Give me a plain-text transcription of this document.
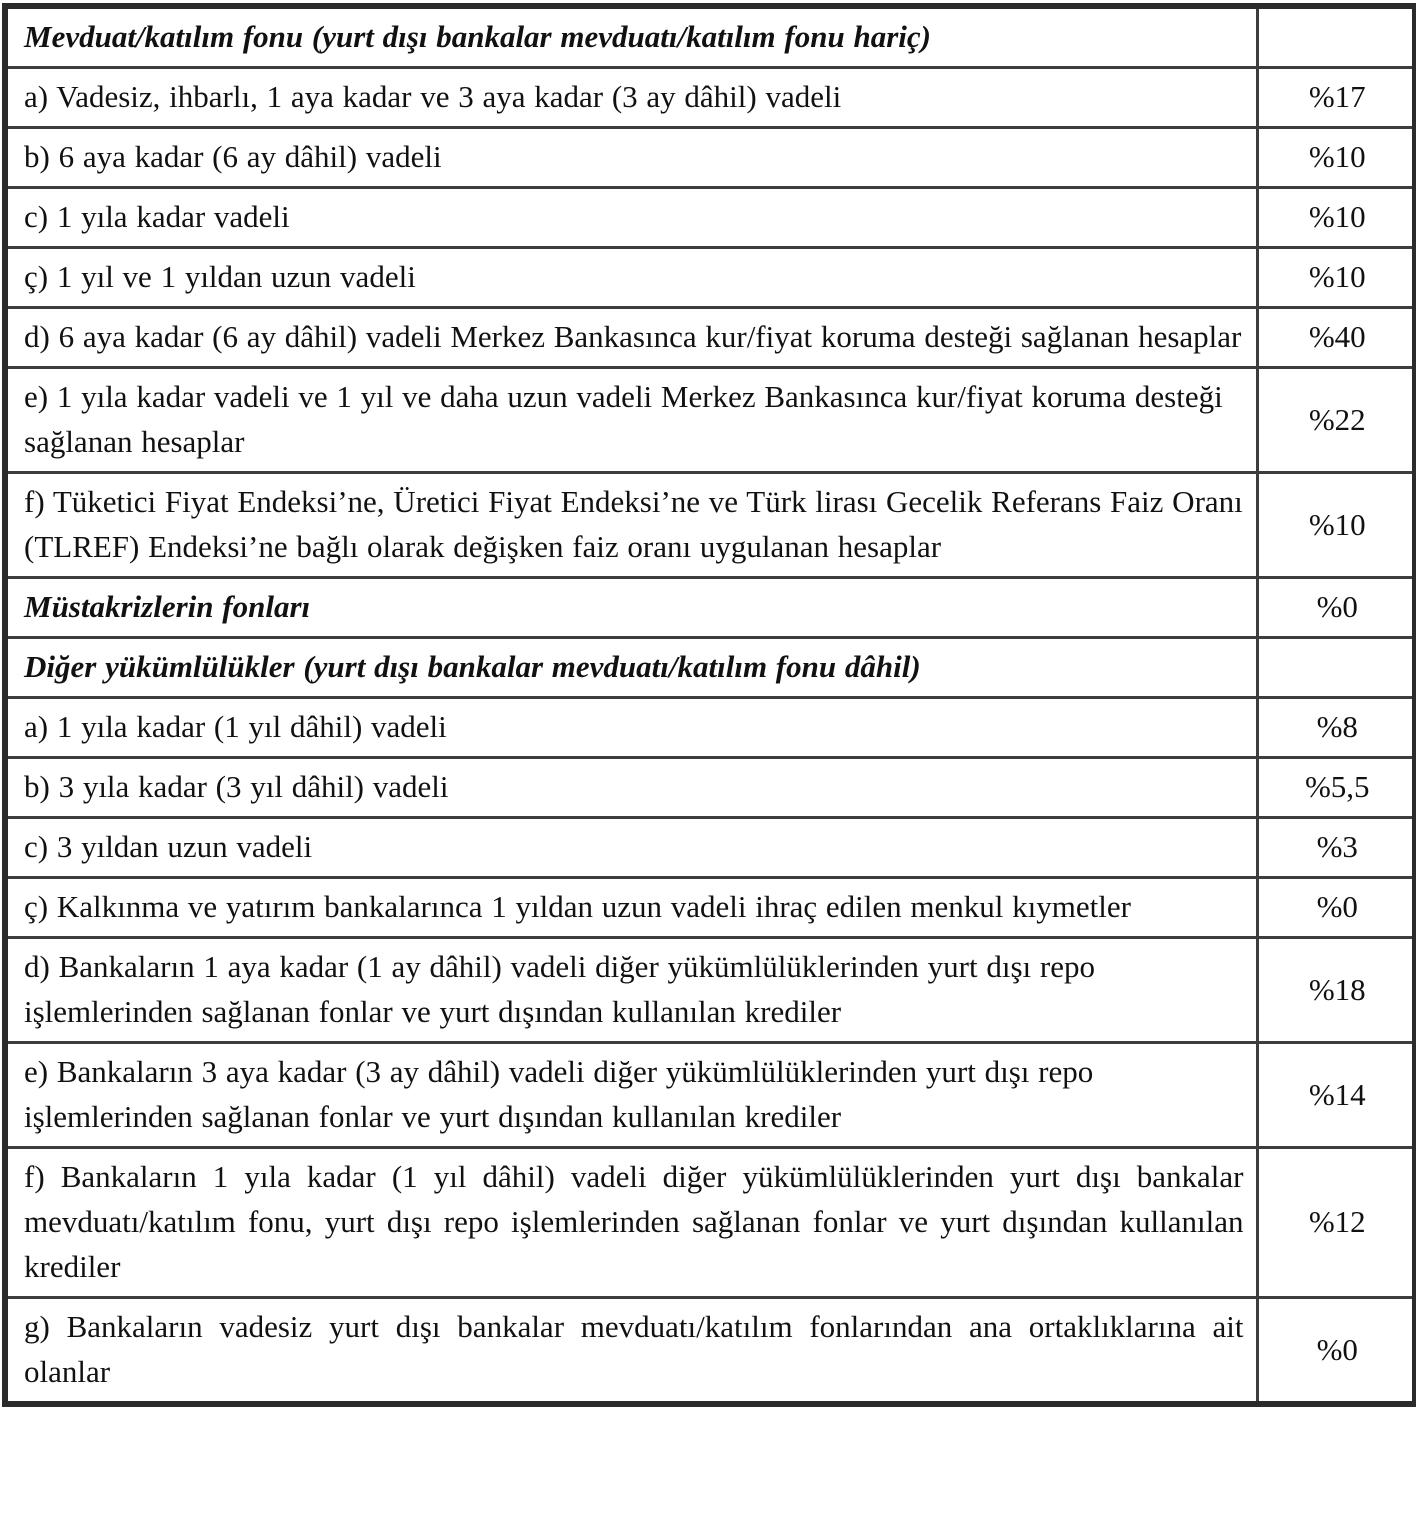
Mevduat/katılım fonu (yurt dışı bankalar mevduatı/katılım fonu hariç)	
a) Vadesiz, ihbarlı, 1 aya kadar ve 3 aya kadar (3 ay dâhil) vadeli	%17
b) 6 aya kadar (6 ay dâhil) vadeli	%10
c) 1 yıla kadar vadeli	%10
ç) 1 yıl ve 1 yıldan uzun vadeli	%10
d) 6 aya kadar (6 ay dâhil) vadeli Merkez Bankasınca kur/fiyat koruma desteği sağlanan hesaplar	%40
e) 1 yıla kadar vadeli ve 1 yıl ve daha uzun vadeli Merkez Bankasınca kur/fiyat koruma desteği sağlanan hesaplar	%22
f) Tüketici Fiyat Endeksi’ne, Üretici Fiyat Endeksi’ne ve Türk lirası Gecelik Referans Faiz Oranı (TLREF) Endeksi’ne bağlı olarak değişken faiz oranı uygulanan hesaplar	%10
Müstakrizlerin fonları	%0
Diğer yükümlülükler (yurt dışı bankalar mevduatı/katılım fonu dâhil)	
a) 1 yıla kadar (1 yıl dâhil) vadeli	%8
b) 3 yıla kadar (3 yıl dâhil) vadeli	%5,5
c) 3 yıldan uzun vadeli	%3
ç) Kalkınma ve yatırım bankalarınca 1 yıldan uzun vadeli ihraç edilen menkul kıymetler	%0
d) Bankaların 1 aya kadar (1 ay dâhil) vadeli diğer yükümlülüklerinden yurt dışı repo işlemlerinden sağlanan fonlar ve yurt dışından kullanılan krediler	%18
e) Bankaların 3 aya kadar (3 ay dâhil) vadeli diğer yükümlülüklerinden yurt dışı repo işlemlerinden sağlanan fonlar ve yurt dışından kullanılan krediler	%14
f) Bankaların 1 yıla kadar (1 yıl dâhil) vadeli diğer yükümlülüklerinden yurt dışı bankalar mevduatı/katılım fonu, yurt dışı repo işlemlerinden sağlanan fonlar ve yurt dışından kullanılan krediler	%12
g) Bankaların vadesiz yurt dışı bankalar mevduatı/katılım fonlarından ana ortaklıklarına ait olanlar	%0
